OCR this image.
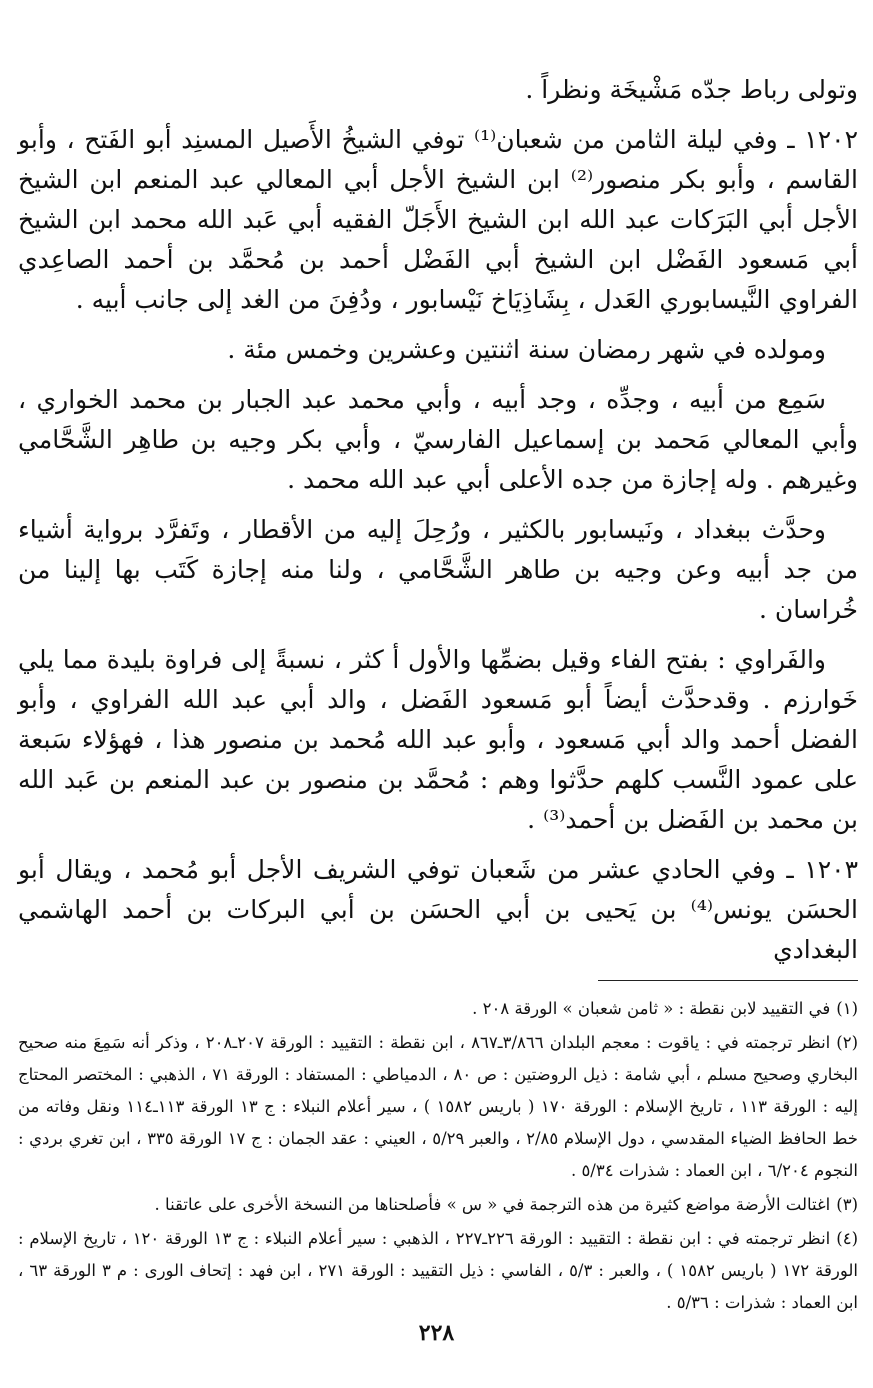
وتولى رباط جدّه مَشْيخَة ونظراً .

١٢٠٢ ـ وفي ليلة الثامن من شعبان⁽¹⁾ توفي الشيخُ الأَصيل المسنِد أبو الفَتح ، وأبو القاسم ، وأبو بكر منصور⁽²⁾ ابن الشيخ الأجل أبي المعالي عبد المنعم ابن الشيخ الأجل أبي البَرَكات عبد الله ابن الشيخ الأَجَلّ الفقيه أبي عَبد الله محمد ابن الشيخ أبي مَسعود الفَضْل ابن الشيخ أبي الفَضْل أحمد بن مُحمَّد بن أحمد الصاعِدي الفراوي النَّيسابوري العَدل ، بِشَاذِيَاخ نَيْسابور ، ودُفِنَ من الغد إلى جانب أبيه .

ومولده في شهر رمضان سنة اثنتين وعشرين وخمس مئة .

سَمِع من أبيه ، وجدِّه ، وجد أبيه ، وأبي محمد عبد الجبار بن محمد الخواري ، وأبي المعالي مَحمد بن إسماعيل الفارسيّ ، وأبي بكر وجيه بن طاهِر الشَّحَّامي وغيرهم . وله إجازة من جده الأعلى أبي عبد الله محمد .

وحدَّث ببغداد ، ونَيسابور بالكثير ، ورُحِلَ إليه من الأقطار ، وتَفرَّد برواية أشياء من جد أبيه وعن وجيه بن طاهر الشَّحَّامي ، ولنا منه إجازة كَتَب بها إلينا من خُراسان .

والفَراوي : بفتح الفاء وقيل بضمِّها والأول أ كثر ، نسبةً إلى فراوة بليدة مما يلي خَوارزم . وقدحدَّث أيضاً أبو مَسعود الفَضل ، والد أبي عبد الله الفراوي ، وأبو الفضل أحمد والد أبي مَسعود ، وأبو عبد الله مُحمد بن منصور هذا ، فهؤلاء سَبعة على عمود النَّسب كلهم حدَّثوا وهم : مُحمَّد بن منصور بن عبد المنعم بن عَبد الله بن محمد بن الفَضل بن أحمد⁽³⁾ .

١٢٠٣ ـ وفي الحادي عشر من شَعبان توفي الشريف الأجل أبو مُحمد ، ويقال أبو الحسَن يونس⁽⁴⁾ بن يَحيى بن أبي الحسَن بن أبي البركات بن أحمد الهاشمي البغدادي

(١)في التقييد لابن نقطة : « ثامن شعبان » الورقة ٢٠٨ .

(٢)انظر ترجمته في : ياقوت : معجم البلدان ٣/٨٦٦ـ٨٦٧ ، ابن نقطة : التقييد : الورقة ٢٠٧ـ٢٠٨ ، وذكر أنه سَمِعَ منه صحيح البخاري وصحيح مسلم ، أبي شامة : ذيل الروضتين : ص ٨٠ ، الدمياطي : المستفاد : الورقة ٧١ ، الذهبي : المختصر المحتاج إليه : الورقة ١١٣ ، تاريخ الإسلام : الورقة ١٧٠ ( باريس ١٥٨٢ ) ، سير أعلام النبلاء : ج ١٣ الورقة ١١٣ـ١١٤ ونقل وفاته من خط الحافظ الضياء المقدسي ، دول الإسلام ٢/٨٥ ، والعبر ٥/٢٩ ، العيني : عقد الجمان : ج ١٧ الورقة ٣٣٥ ، ابن تغري بردي : النجوم ٦/٢٠٤ ، ابن العماد : شذرات ٥/٣٤ .

(٣)اغتالت الأرضة مواضع كثيرة من هذه الترجمة في « س » فأصلحناها من النسخة الأخرى على عاتقنا .

(٤)انظر ترجمته في : ابن نقطة : التقييد : الورقة ٢٢٦ـ٢٢٧ ، الذهبي : سير أعلام النبلاء : ج ١٣ الورقة ١٢٠ ، تاريخ الإسلام : الورقة ١٧٢ ( باريس ١٥٨٢ ) ، والعبر : ٥/٣ ، الفاسي : ذيل التقييد : الورقة ٢٧١ ، ابن فهد : إتحاف الورى : م ٣ الورقة ٦٣ ، ابن العماد : شذرات : ٥/٣٦ .

٢٢٨
